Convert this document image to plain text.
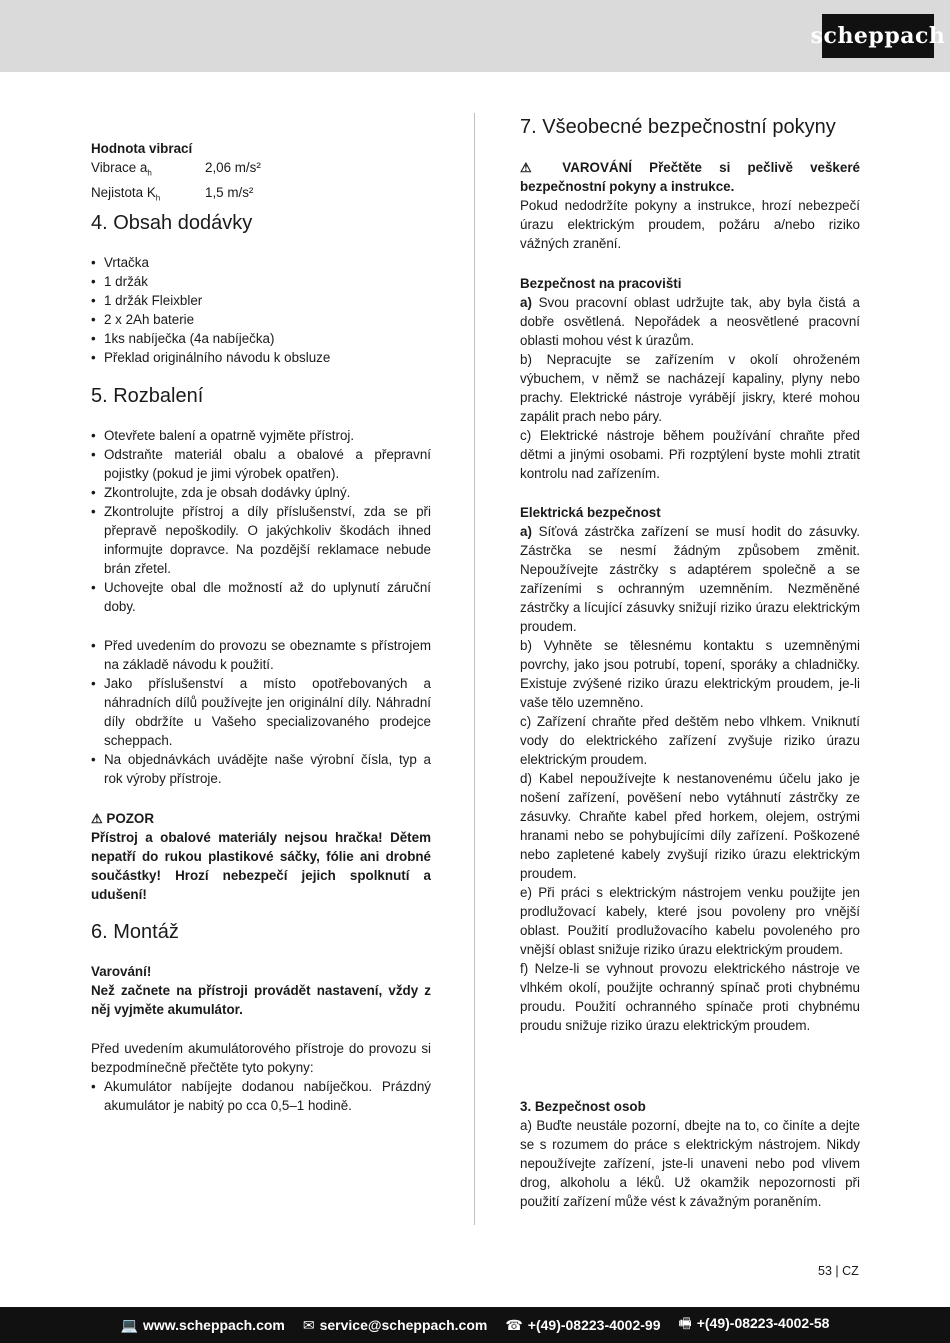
scheppach

Hodnota vibrací

Vibrace $a_h$	2,06 m/s²
Nejistota $K_h$	1,5 m/s²
4. Obsah dodávky
• Vrtačka
• 1 držák
• 1 držák Fleixbler
• 2 x 2Ah baterie
• 1ks nabíječka (4a nabíječka)
• Překlad originálního návodu k obsluze
5. Rozbalení
• Otevřete balení a opatrně vyjměte přístroj.
• Odstraňte materiál obalu a obalové a přepravní pojistky (pokud je jimi výrobek opatřen).
• Zkontrolujte, zda je obsah dodávky úplný.
• Zkontrolujte přístroj a díly příslušenství, zda se při přepravě nepoškodily. O jakýchkoliv škodách ihned informujte dopravce. Na pozdější reklamace nebude brán zřetel.
• Uchovejte obal dle možností až do uplynutí záruční doby.
• Před uvedením do provozu se obeznamte s přístrojem na základě návodu k použití.
• Jako příslušenství a místo opotřebovaných a náhradních dílů používejte jen originální díly. Náhradní díly obdržíte u Vašeho specializovaného prodejce scheppach.
• Na objednávkách uvádějte naše výrobní čísla, typ a rok výroby přístroje.

⚠ POZOR

Přístroj a obalové materiály nejsou hračka! Dětem nepatří do rukou plastikové sáčky, fólie ani drobné součástky! Hrozí nebezpečí jejich spolknutí a udušení!

6. Montáž

Varování!

Než začnete na přístroji provádět nastavení, vždy z něj vyjměte akumulátor.

Před uvedením akumulátorového přístroje do provozu si bezpodmínečně přečtěte tyto pokyny:

• Akumulátor nabíjejte dodanou nabíječkou. Prázdný akumulátor je nabitý po cca 0,5–1 hodině.
7. Všeobecné bezpečnostní pokyny

⚠ VAROVÁNÍ Přečtěte si pečlivě veškeré bezpečnostní pokyny a instrukce.

Pokud nedodržíte pokyny a instrukce, hrozí nebezpečí úrazu elektrickým proudem, požáru a/nebo riziko vážných zranění.

Bezpečnost na pracovišti

a) Svou pracovní oblast udržujte tak, aby byla čistá a dobře osvětlená. Nepořádek a neosvětlené pracovní oblasti mohou vést k úrazům.

b) Nepracujte se zařízením v okolí ohroženém výbuchem, v němž se nacházejí kapaliny, plyny nebo prachy. Elektrické nástroje vyrábějí jiskry, které mohou zapálit prach nebo páry.

c) Elektrické nástroje během používání chraňte před dětmi a jinými osobami. Při rozptýlení byste mohli ztratit kontrolu nad zařízením.

Elektrická bezpečnost

a) Síťová zástrčka zařízení se musí hodit do zásuvky. Zástrčka se nesmí žádným způsobem změnit. Nepoužívejte zástrčky s adaptérem společně a se zařízeními s ochranným uzemněním. Nezměněné zástrčky a lícující zásuvky snižují riziko úrazu elektrickým proudem.

b) Vyhněte se tělesnému kontaktu s uzemněnými povrchy, jako jsou potrubí, topení, sporáky a chladničky. Existuje zvýšené riziko úrazu elektrickým proudem, je-li vaše tělo uzemněno.

c) Zařízení chraňte před deštěm nebo vlhkem. Vniknutí vody do elektrického zařízení zvyšuje riziko úrazu elektrickým proudem.

d) Kabel nepoužívejte k nestanovenému účelu jako je nošení zařízení, pověšení nebo vytáhnutí zástrčky ze zásuvky. Chraňte kabel před horkem, olejem, ostrými hranami nebo se pohybujícími díly zařízení. Poškozené nebo zapletené kabely zvyšují riziko úrazu elektrickým proudem.

e) Při práci s elektrickým nástrojem venku použijte jen prodlužovací kabely, které jsou povoleny pro vnější oblast. Použití prodlužovacího kabelu povoleného pro vnější oblast snižuje riziko úrazu elektrickým proudem.

f) Nelze-li se vyhnout provozu elektrického nástroje ve vlhkém okolí, použijte ochranný spínač proti chybnému proudu. Použití ochranného spínače proti chybnému proudu snižuje riziko úrazu elektrickým proudem.

3. Bezpečnost osob

a) Buďte neustále pozorní, dbejte na to, co činíte a dejte se s rozumem do práce s elektrickým nástrojem. Nikdy nepoužívejte zařízení, jste-li unaveni nebo pod vlivem drog, alkoholu a léků. Už okamžik nepozornosti při použití zařízení může vést k závažným poraněním.

53 | CZ
💻 www.scheppach.com ✉ service@scheppach.com ☎ +(49)-08223-4002-99 🖷 +(49)-08223-4002-58
